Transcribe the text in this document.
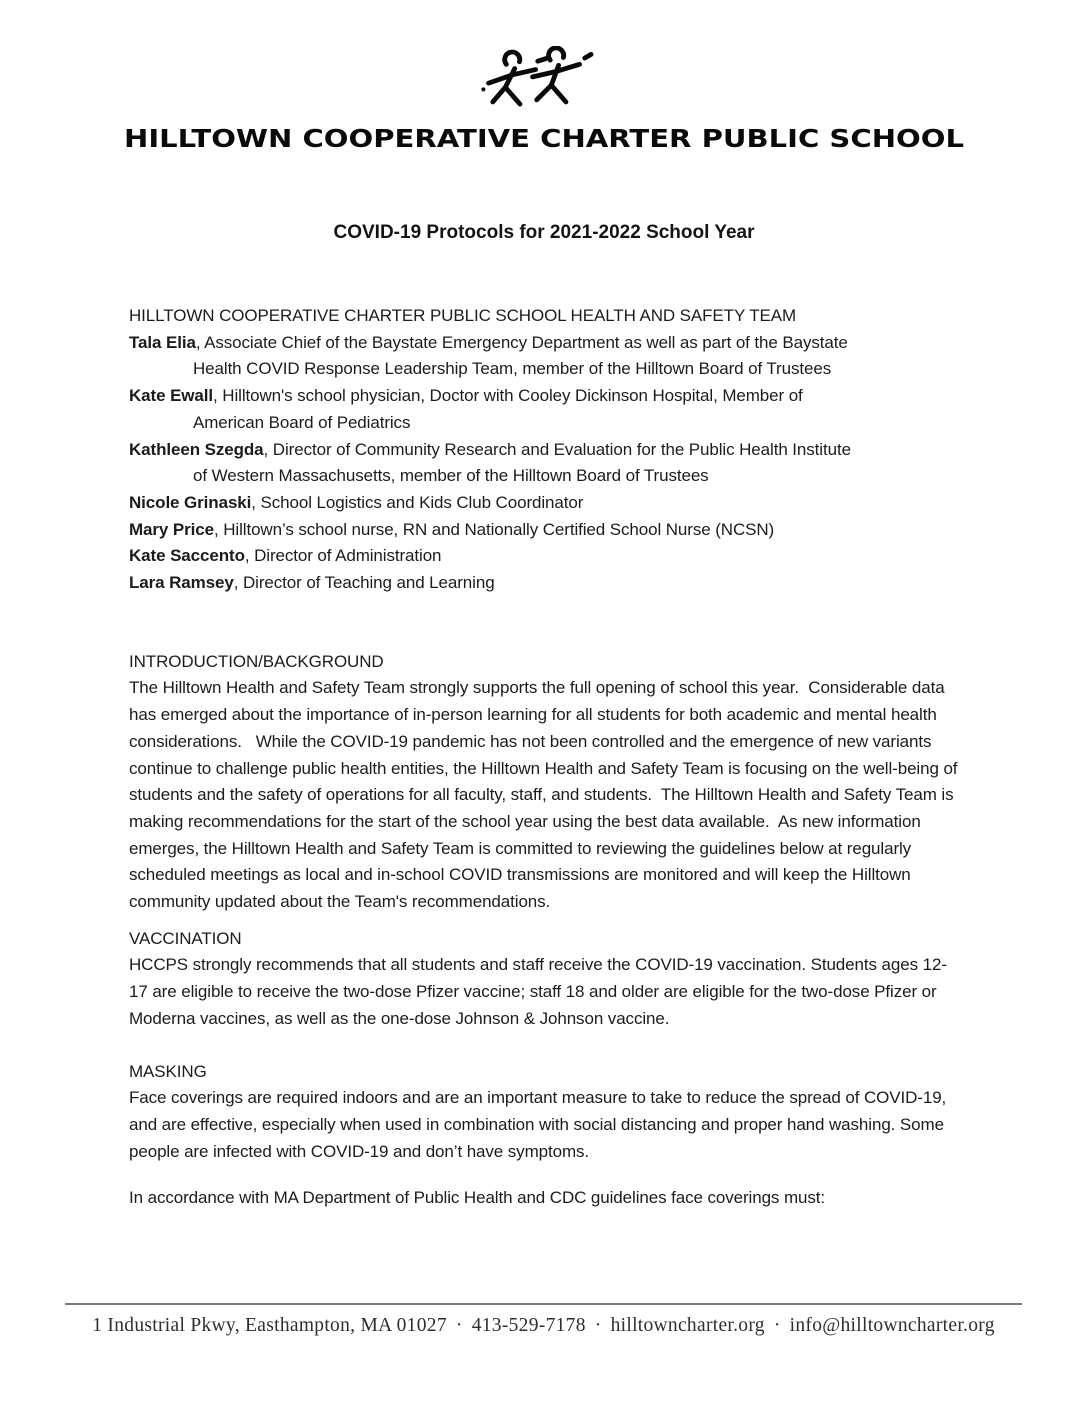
HILLTOWN COOPERATIVE CHARTER PUBLIC SCHOOL
COVID-19 Protocols for 2021-2022 School Year
HILLTOWN COOPERATIVE CHARTER PUBLIC SCHOOL HEALTH AND SAFETY TEAM
Tala Elia, Associate Chief of the Baystate Emergency Department as well as part of the Baystate
Health COVID Response Leadership Team, member of the Hilltown Board of Trustees
Kate Ewall, Hilltown's school physician, Doctor with Cooley Dickinson Hospital, Member of
American Board of Pediatrics
Kathleen Szegda, Director of Community Research and Evaluation for the Public Health Institute
of Western Massachusetts, member of the Hilltown Board of Trustees
Nicole Grinaski, School Logistics and Kids Club Coordinator
Mary Price, Hilltown’s school nurse, RN and Nationally Certified School Nurse (NCSN)
Kate Saccento, Director of Administration
Lara Ramsey, Director of Teaching and Learning
INTRODUCTION/BACKGROUND

The Hilltown Health and Safety Team strongly supports the full opening of school this year.  Considerable data has emerged about the importance of in-person learning for all students for both academic and mental health considerations.   While the COVID-19 pandemic has not been controlled and the emergence of new variants continue to challenge public health entities, the Hilltown Health and Safety Team is focusing on the well-being of students and the safety of operations for all faculty, staff, and students.  The Hilltown Health and Safety Team is making recommendations for the start of the school year using the best data available.  As new information emerges, the Hilltown Health and Safety Team is committed to reviewing the guidelines below at regularly scheduled meetings as local and in-school COVID transmissions are monitored and will keep the Hilltown community updated about the Team's recommendations.

VACCINATION

HCCPS strongly recommends that all students and staff receive the COVID-19 vaccination. Students ages 12-17 are eligible to receive the two-dose Pfizer vaccine; staff 18 and older are eligible for the two-dose Pfizer or Moderna vaccines, as well as the one-dose Johnson & Johnson vaccine.

MASKING

Face coverings are required indoors and are an important measure to take to reduce the spread of COVID-19, and are effective, especially when used in combination with social distancing and proper hand washing. Some people are infected with COVID-19 and don’t have symptoms.

In accordance with MA Department of Public Health and CDC guidelines face coverings must:

1 Industrial Pkwy, Easthampton, MA 01027 · 413-529-7178 · hilltowncharter.org · info@hilltowncharter.org
